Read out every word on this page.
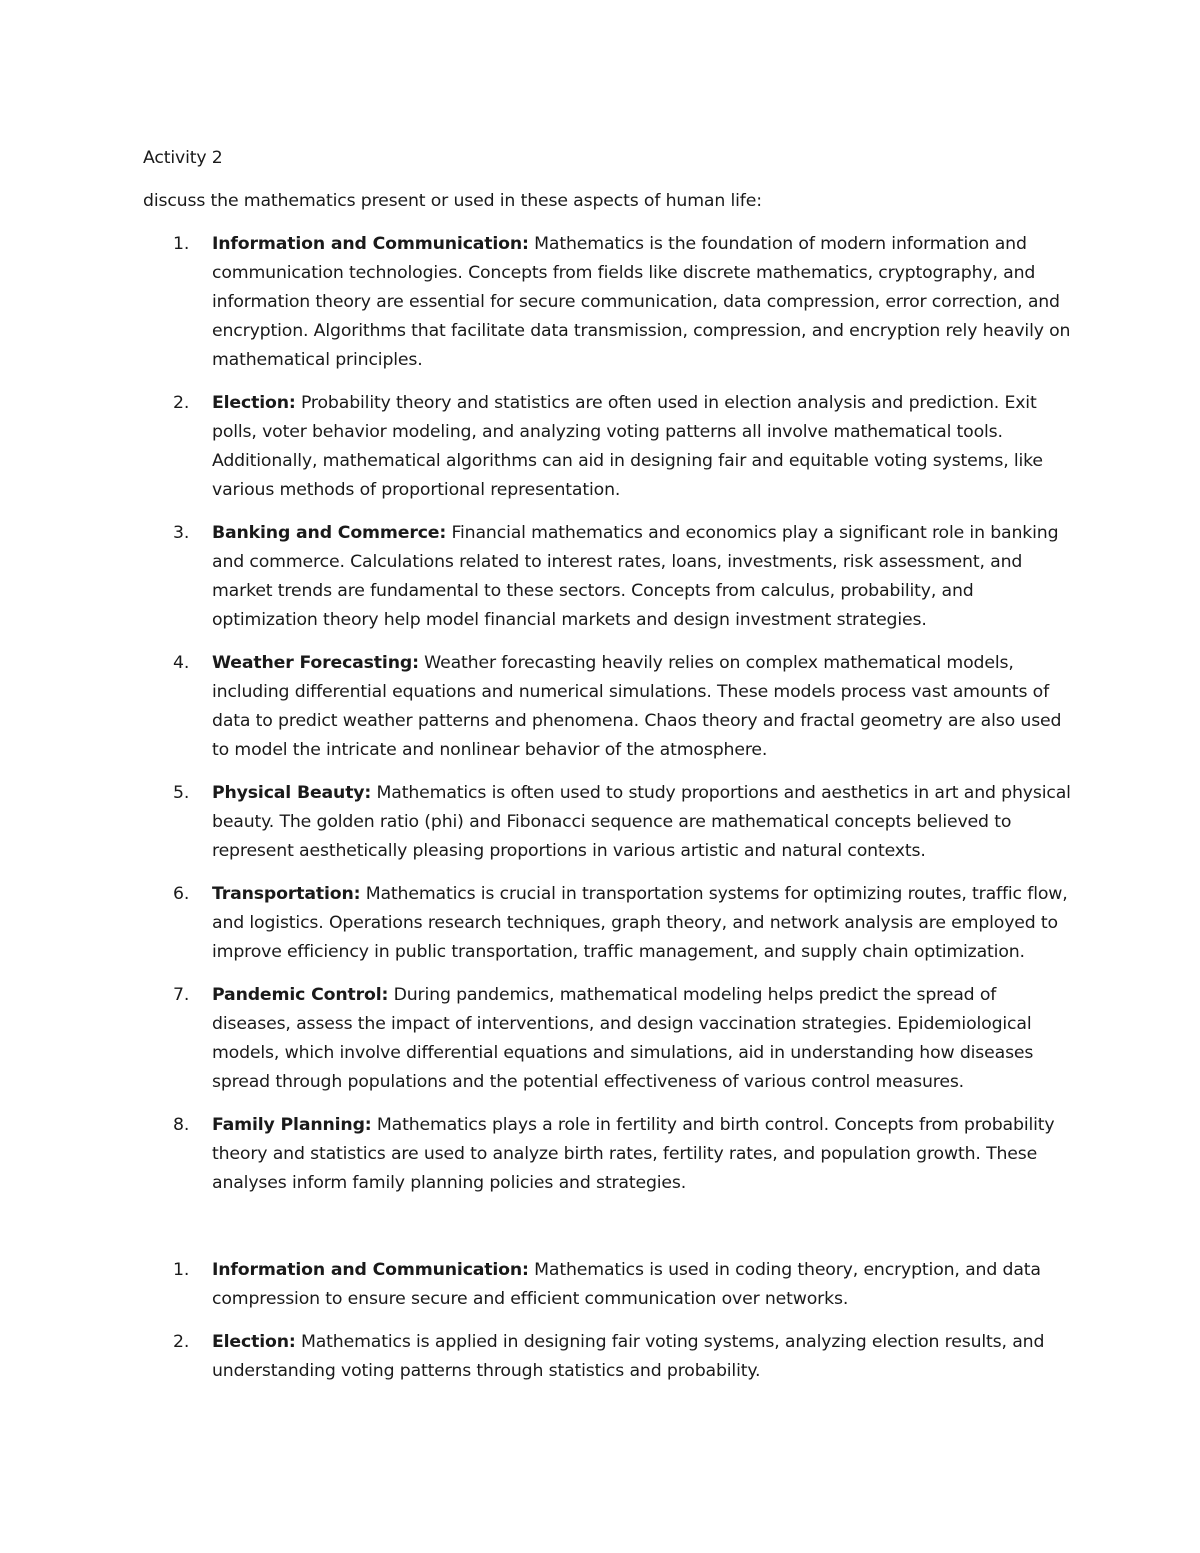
Activity 2

discuss the mathematics present or used in these aspects of human life:

1. Information and Communication: Mathematics is the foundation of modern information and communication technologies. Concepts from fields like discrete mathematics, cryptography, and information theory are essential for secure communication, data compression, error correction, and encryption. Algorithms that facilitate data transmission, compression, and encryption rely heavily on mathematical principles.
2. Election: Probability theory and statistics are often used in election analysis and prediction. Exit polls, voter behavior modeling, and analyzing voting patterns all involve mathematical tools. Additionally, mathematical algorithms can aid in designing fair and equitable voting systems, like various methods of proportional representation.
3. Banking and Commerce: Financial mathematics and economics play a significant role in banking and commerce. Calculations related to interest rates, loans, investments, risk assessment, and market trends are fundamental to these sectors. Concepts from calculus, probability, and optimization theory help model financial markets and design investment strategies.
4. Weather Forecasting: Weather forecasting heavily relies on complex mathematical models, including differential equations and numerical simulations. These models process vast amounts of data to predict weather patterns and phenomena. Chaos theory and fractal geometry are also used to model the intricate and nonlinear behavior of the atmosphere.
5. Physical Beauty: Mathematics is often used to study proportions and aesthetics in art and physical beauty. The golden ratio (phi) and Fibonacci sequence are mathematical concepts believed to represent aesthetically pleasing proportions in various artistic and natural contexts.
6. Transportation: Mathematics is crucial in transportation systems for optimizing routes, traffic flow, and logistics. Operations research techniques, graph theory, and network analysis are employed to improve efficiency in public transportation, traffic management, and supply chain optimization.
7. Pandemic Control: During pandemics, mathematical modeling helps predict the spread of diseases, assess the impact of interventions, and design vaccination strategies. Epidemiological models, which involve differential equations and simulations, aid in understanding how diseases spread through populations and the potential effectiveness of various control measures.
8. Family Planning: Mathematics plays a role in fertility and birth control. Concepts from probability theory and statistics are used to analyze birth rates, fertility rates, and population growth. These analyses inform family planning policies and strategies.
1. Information and Communication: Mathematics is used in coding theory, encryption, and data compression to ensure secure and efficient communication over networks.
2. Election: Mathematics is applied in designing fair voting systems, analyzing election results, and understanding voting patterns through statistics and probability.
